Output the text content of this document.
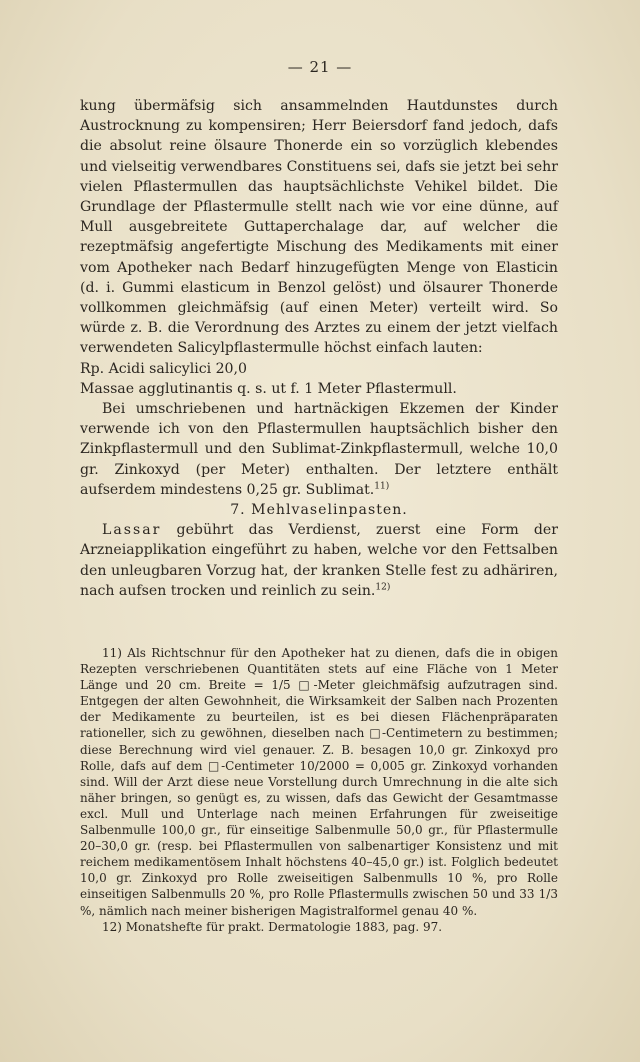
— 21 —

kung übermäfsig sich ansammelnden Hautdunstes durch Austrocknung zu kompensiren; Herr Beiersdorf fand jedoch, dafs die absolut reine ölsaure Thonerde ein so vorzüglich klebendes und vielseitig verwendbares Constituens sei, dafs sie jetzt bei sehr vielen Pflastermullen das hauptsächlichste Vehikel bildet. Die Grundlage der Pflastermulle stellt nach wie vor eine dünne, auf Mull ausgebreitete Guttaperchalage dar, auf welcher die rezeptmäfsig angefertigte Mischung des Medikaments mit einer vom Apotheker nach Bedarf hinzugefügten Menge von Elasticin (d. i. Gummi elasticum in Benzol gelöst) und ölsaurer Thonerde vollkommen gleichmäfsig (auf einen Meter) verteilt wird. So würde z. B. die Verordnung des Arztes zu einem der jetzt vielfach verwendeten Salicylpflastermulle höchst einfach lauten:

Rp. Acidi salicylici 20,0

Massae agglutinantis q. s. ut f. 1 Meter Pflastermull.

Bei umschriebenen und hartnäckigen Ekzemen der Kinder verwende ich von den Pflastermullen hauptsächlich bisher den Zinkpflastermull und den Sublimat-Zinkpflastermull, welche 10,0 gr. Zinkoxyd (per Meter) enthalten. Der letztere enthält aufserdem mindestens 0,25 gr. Sublimat.$^{11)}$

7. Mehlvaselinpasten.

Lassar gebührt das Verdienst, zuerst eine Form der Arzneiapplikation eingeführt zu haben, welche vor den Fettsalben den unleugbaren Vorzug hat, der kranken Stelle fest zu adhäriren, nach aufsen trocken und reinlich zu sein.$^{12)}$

11) Als Richtschnur für den Apotheker hat zu dienen, dafs die in obigen Rezepten verschriebenen Quantitäten stets auf eine Fläche von 1 Meter Länge und 20 cm. Breite = 1/5 □-Meter gleichmäfsig aufzutragen sind. Entgegen der alten Gewohnheit, die Wirksamkeit der Salben nach Prozenten der Medikamente zu beurteilen, ist es bei diesen Flächenpräparaten rationeller, sich zu gewöhnen, dieselben nach □-Centimetern zu bestimmen; diese Berechnung wird viel genauer. Z. B. besagen 10,0 gr. Zinkoxyd pro Rolle, dafs auf dem □-Centimeter 10/2000 = 0,005 gr. Zinkoxyd vorhanden sind. Will der Arzt diese neue Vorstellung durch Umrechnung in die alte sich näher bringen, so genügt es, zu wissen, dafs das Gewicht der Gesamtmasse excl. Mull und Unterlage nach meinen Erfahrungen für zweiseitige Salbenmulle 100,0 gr., für einseitige Salbenmulle 50,0 gr., für Pflastermulle 20–30,0 gr. (resp. bei Pflastermullen von salbenartiger Konsistenz und mit reichem medikamentösem Inhalt höchstens 40–45,0 gr.) ist. Folglich bedeutet 10,0 gr. Zinkoxyd pro Rolle zweiseitigen Salbenmulls 10 %, pro Rolle einseitigen Salbenmulls 20 %, pro Rolle Pflastermulls zwischen 50 und 33 1/3 %, nämlich nach meiner bisherigen Magistralformel genau 40 %.

12) Monatshefte für prakt. Dermatologie 1883, pag. 97.
